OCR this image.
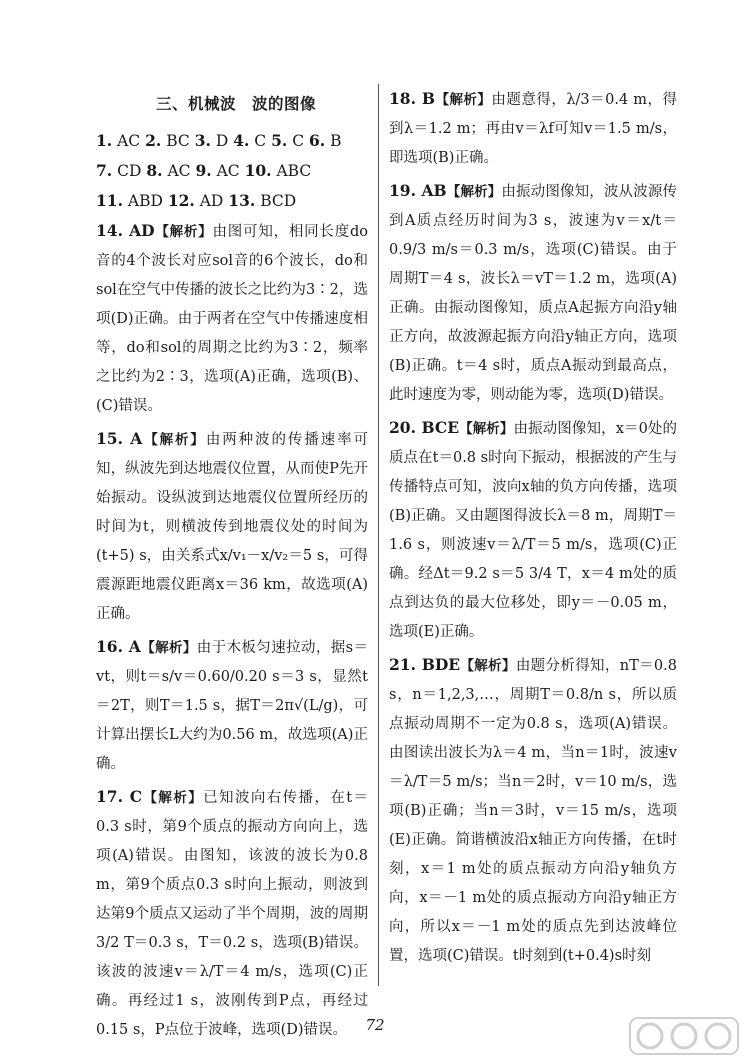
三、机械波　波的图像

1. AC 2. BC 3. D 4. C 5. C 6. B

7. CD 8. AC 9. AC 10. ABC

11. ABD 12. AD 13. BCD

14. AD【解析】由图可知，相同长度do音的4个波长对应sol音的6个波长，do和sol在空气中传播的波长之比约为3∶2，选项(D)正确。由于两者在空气中传播速度相等，do和sol的周期之比约为3∶2，频率之比约为2∶3，选项(A)正确，选项(B)、(C)错误。

15. A【解析】由两种波的传播速率可知，纵波先到达地震仪位置，从而使P先开始振动。设纵波到达地震仪位置所经历的时间为t，则横波传到地震仪处的时间为(t+5) s，由关系式x/v₁－x/v₂＝5 s，可得震源距地震仪距离x＝36 km，故选项(A)正确。

16. A【解析】由于木板匀速拉动，据s＝vt，则t＝s/v＝0.60/0.20 s＝3 s，显然t＝2T，则T＝1.5 s，据T＝2π√(L/g)，可计算出摆长L大约为0.56 m，故选项(A)正确。

17. C【解析】已知波向右传播，在t＝0.3 s时，第9个质点的振动方向向上，选项(A)错误。由图知，该波的波长为0.8 m，第9个质点0.3 s时向上振动，则波到达第9个质点又运动了半个周期，波的周期3/2 T＝0.3 s，T＝0.2 s，选项(B)错误。该波的波速v＝λ/T＝4 m/s，选项(C)正确。再经过1 s，波刚传到P点，再经过0.15 s，P点位于波峰，选项(D)错误。

18. B【解析】由题意得，λ/3＝0.4 m，得到λ＝1.2 m；再由v＝λf可知v＝1.5 m/s，即选项(B)正确。

19. AB【解析】由振动图像知，波从波源传到A质点经历时间为3 s，波速为v＝x/t＝0.9/3 m/s＝0.3 m/s，选项(C)错误。由于周期T＝4 s，波长λ＝vT＝1.2 m，选项(A)正确。由振动图像知，质点A起振方向沿y轴正方向，故波源起振方向沿y轴正方向，选项(B)正确。t＝4 s时，质点A振动到最高点，此时速度为零，则动能为零，选项(D)错误。

20. BCE【解析】由振动图像知，x＝0处的质点在t＝0.8 s时向下振动，根据波的产生与传播特点可知，波向x轴的负方向传播，选项(B)正确。又由题图得波长λ＝8 m，周期T＝1.6 s，则波速v＝λ/T＝5 m/s，选项(C)正确。经Δt＝9.2 s＝5 3/4 T，x＝4 m处的质点到达负的最大位移处，即y＝－0.05 m，选项(E)正确。

21. BDE【解析】由题分析得知，nT＝0.8 s，n＝1,2,3,…，周期T＝0.8/n s，所以质点振动周期不一定为0.8 s，选项(A)错误。由图读出波长为λ＝4 m，当n＝1时，波速v＝λ/T＝5 m/s；当n＝2时，v＝10 m/s，选项(B)正确；当n＝3时，v＝15 m/s，选项(E)正确。简谐横波沿x轴正方向传播，在t时刻，x＝1 m处的质点振动方向沿y轴负方向，x＝－1 m处的质点振动方向沿y轴正方向，所以x＝－1 m处的质点先到达波峰位置，选项(C)错误。t时刻到(t+0.4)s时刻

72
